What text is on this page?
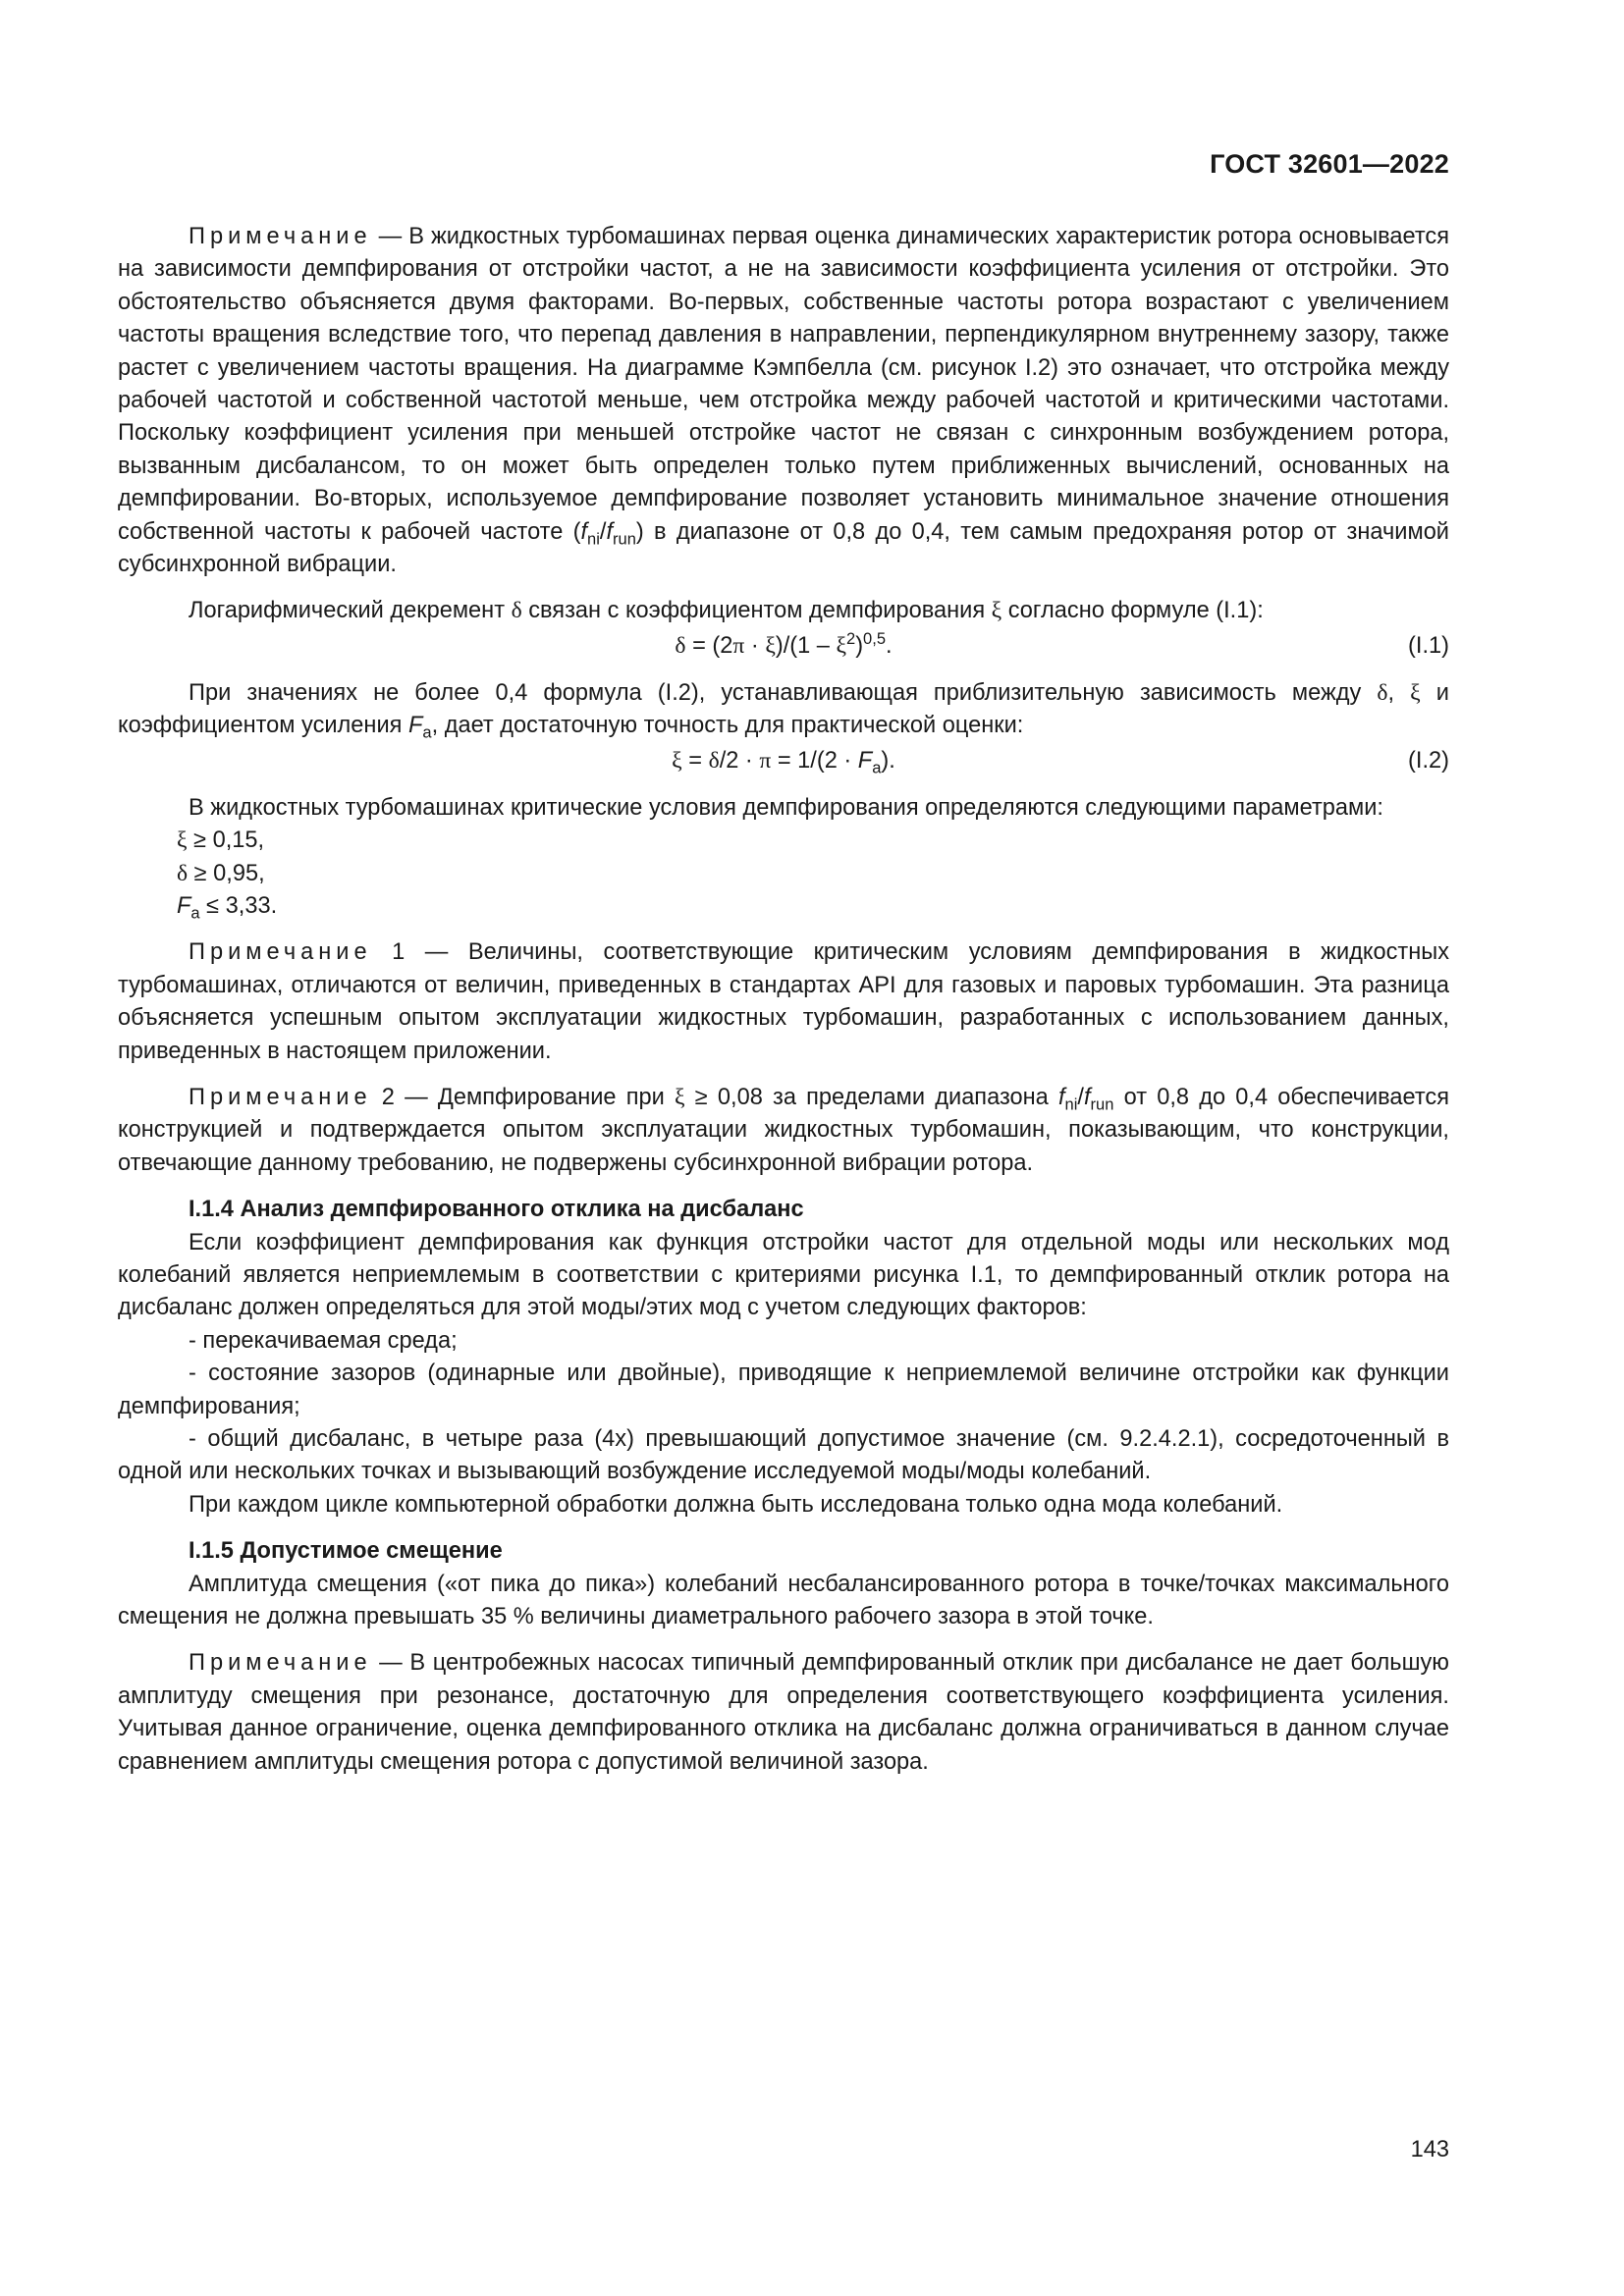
ГОСТ 32601—2022

Примечание — В жидкостных турбомашинах первая оценка динамических характеристик ротора основывается на зависимости демпфирования от отстройки частот, а не на зависимости коэффициента усиления от отстройки. Это обстоятельство объясняется двумя факторами. Во-первых, собственные частоты ротора возрастают с увеличением частоты вращения вследствие того, что перепад давления в направлении, перпендикулярном внутреннему зазору, также растет с увеличением частоты вращения. На диаграмме Кэмпбелла (см. рисунок I.2) это означает, что отстройка между рабочей частотой и собственной частотой меньше, чем отстройка между рабочей частотой и критическими частотами. Поскольку коэффициент усиления при меньшей отстройке частот не связан с синхронным возбуждением ротора, вызванным дисбалансом, то он может быть определен только путем приближенных вычислений, основанных на демпфировании. Во-вторых, используемое демпфирование позволяет установить минимальное значение отношения собственной частоты к рабочей частоте $(f_{ni}/f_{run})$ в диапазоне от 0,8 до 0,4, тем самым предохраняя ротор от значимой субсинхронной вибрации.

Логарифмический декремент δ связан с коэффициентом демпфирования ξ согласно формуле (I.1):

$\delta = (2\pi \cdot \xi)/(1 - \xi^2)^{0,5}$.	(I.1)

При значениях не более 0,4 формула (I.2), устанавливающая приблизительную зависимость между δ, ξ и коэффициентом усиления $F_a$, дает достаточную точность для практической оценки:

$\xi = \delta/2 \cdot \pi = 1/(2 \cdot F_a)$.	(I.2)

В жидкостных турбомашинах критические условия демпфирования определяются следующими параметрами:

ξ ≥ 0,15,
δ ≥ 0,95,
$F_a \le 3,33$.

Примечание 1 — Величины, соответствующие критическим условиям демпфирования в жидкостных турбомашинах, отличаются от величин, приведенных в стандартах API для газовых и паровых турбомашин. Эта разница объясняется успешным опытом эксплуатации жидкостных турбомашин, разработанных с использованием данных, приведенных в настоящем приложении.

Примечание 2 — Демпфирование при ξ ≥ 0,08 за пределами диапазона $f_{ni}/f_{run}$ от 0,8 до 0,4 обеспечивается конструкцией и подтверждается опытом эксплуатации жидкостных турбомашин, показывающим, что конструкции, отвечающие данному требованию, не подвержены субсинхронной вибрации ротора.

I.1.4 Анализ демпфированного отклика на дисбаланс

Если коэффициент демпфирования как функция отстройки частот для отдельной моды или нескольких мод колебаний является неприемлемым в соответствии с критериями рисунка I.1, то демпфированный отклик ротора на дисбаланс должен определяться для этой моды/этих мод с учетом следующих факторов:

- перекачиваемая среда;

- состояние зазоров (одинарные или двойные), приводящие к неприемлемой величине отстройки как функции демпфирования;

- общий дисбаланс, в четыре раза (4х) превышающий допустимое значение (см. 9.2.4.2.1), сосредоточенный в одной или нескольких точках и вызывающий возбуждение исследуемой моды/моды колебаний.

При каждом цикле компьютерной обработки должна быть исследована только одна мода колебаний.

I.1.5 Допустимое смещение

Амплитуда смещения («от пика до пика») колебаний несбалансированного ротора в точке/точках максимального смещения не должна превышать 35 % величины диаметрального рабочего зазора в этой точке.

Примечание — В центробежных насосах типичный демпфированный отклик при дисбалансе не дает большую амплитуду смещения при резонансе, достаточную для определения соответствующего коэффициента усиления. Учитывая данное ограничение, оценка демпфированного отклика на дисбаланс должна ограничиваться в данном случае сравнением амплитуды смещения ротора с допустимой величиной зазора.

143
